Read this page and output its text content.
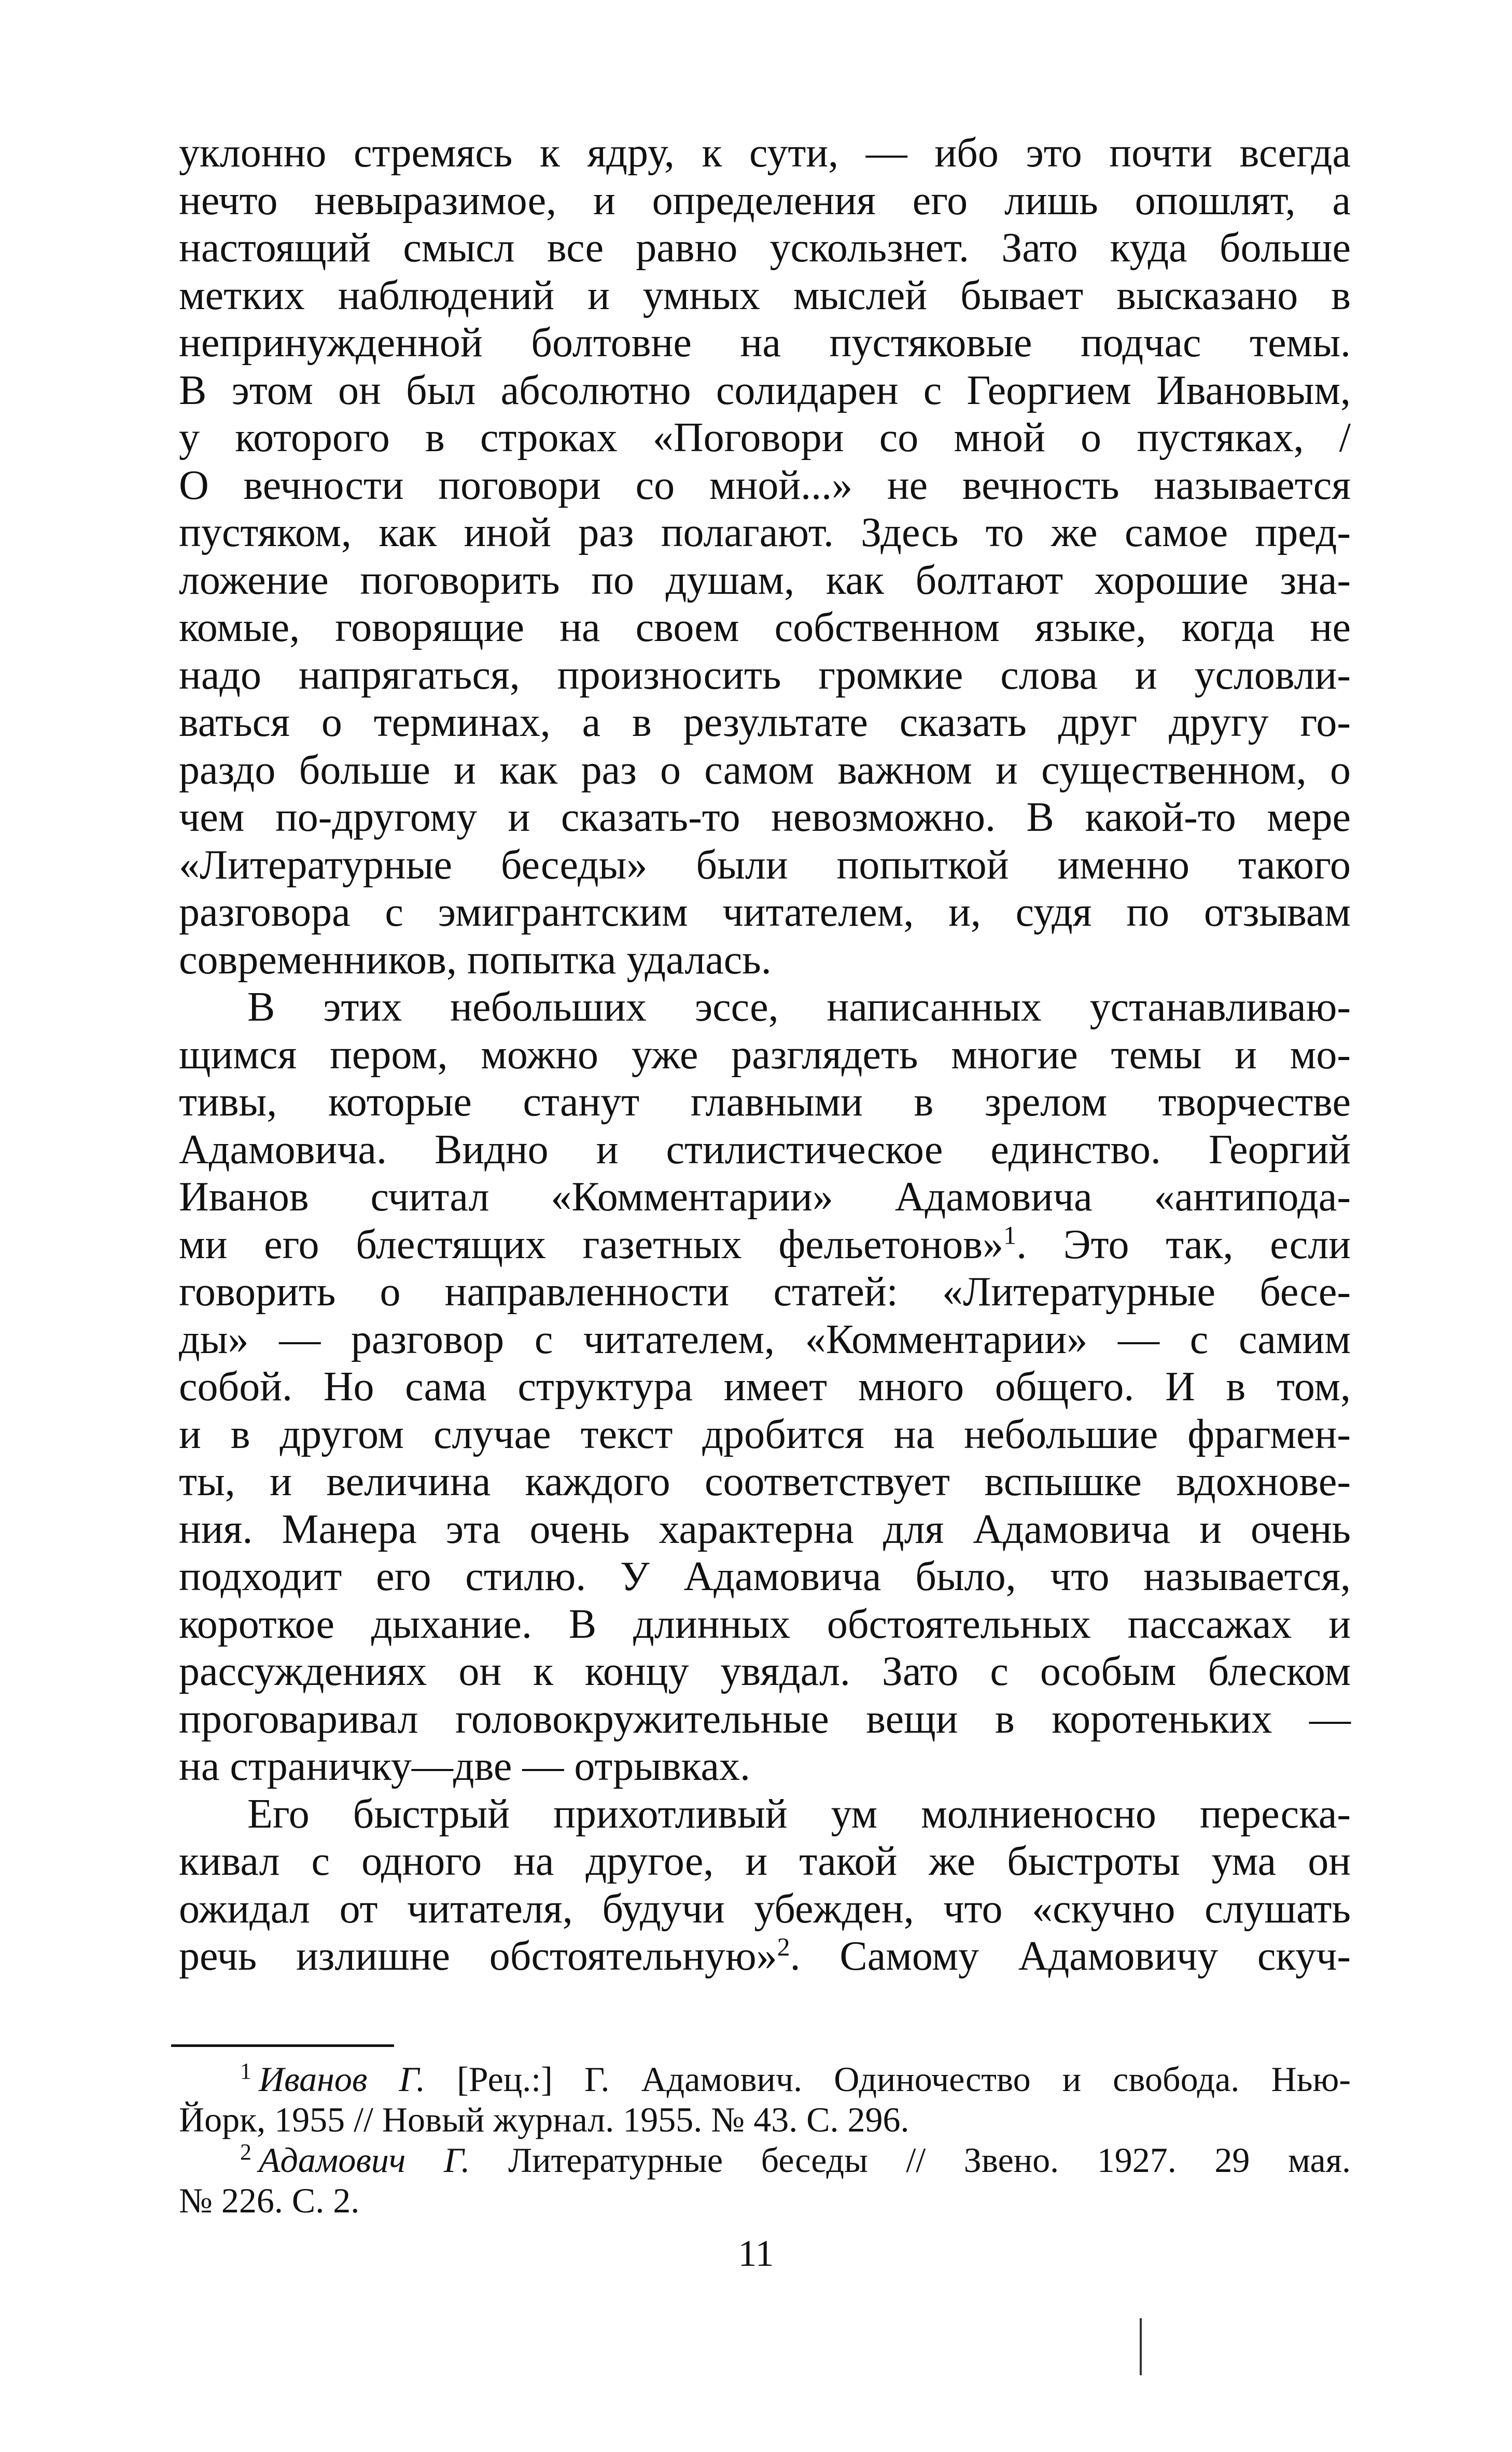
уклонно стремясь к ядру, к сути, — ибо это почти всегда
нечто невыразимое, и определения его лишь опошлят, а
настоящий смысл все равно ускользнет. Зато куда больше
метких наблюдений и умных мыслей бывает высказано в
непринужденной болтовне на пустяковые подчас темы.
В этом он был абсолютно солидарен с Георгием Ивановым,
у которого в строках «Поговори со мной о пустяках, /
О вечности поговори со мной...» не вечность называется
пустяком, как иной раз полагают. Здесь то же самое пред-
ложение поговорить по душам, как болтают хорошие зна-
комые, говорящие на своем собственном языке, когда не
надо напрягаться, произносить громкие слова и условли-
ваться о терминах, а в результате сказать друг другу го-
раздо больше и как раз о самом важном и существенном, о
чем по-другому и сказать-то невозможно. В какой-то мере
«Литературные беседы» были попыткой именно такого
разговора с эмигрантским читателем, и, судя по отзывам
современников, попытка удалась.
В этих небольших эссе, написанных устанавливаю-
щимся пером, можно уже разглядеть многие темы и мо-
тивы, которые станут главными в зрелом творчестве
Адамовича. Видно и стилистическое единство. Георгий
Иванов считал «Комментарии» Адамовича «антипода-
ми его блестящих газетных фельетонов»$^1$. Это так, если
говорить о направленности статей: «Литературные бесе-
ды» — разговор с читателем, «Комментарии» — с самим
собой. Но сама структура имеет много общего. И в том,
и в другом случае текст дробится на небольшие фрагмен-
ты, и величина каждого соответствует вспышке вдохнове-
ния. Манера эта очень характерна для Адамовича и очень
подходит его стилю. У Адамовича было, что называется,
короткое дыхание. В длинных обстоятельных пассажах и
рассуждениях он к концу увядал. Зато с особым блеском
проговаривал головокружительные вещи в коротеньких —
на страничку—две — отрывках.
Его быстрый прихотливый ум молниеносно переска-
кивал с одного на другое, и такой же быстроты ума он
ожидал от читателя, будучи убежден, что «скучно слушать
речь излишне обстоятельную»$^2$. Самому Адамовичу скуч-
$^1$ Иванов Г. [Рец.:] Г. Адамович. Одиночество и свобода. Нью-
Йорк, 1955 // Новый журнал. 1955. № 43. С. 296.
$^2$ Адамович Г. Литературные беседы // Звено. 1927. 29 мая.
№ 226. С. 2.
11
